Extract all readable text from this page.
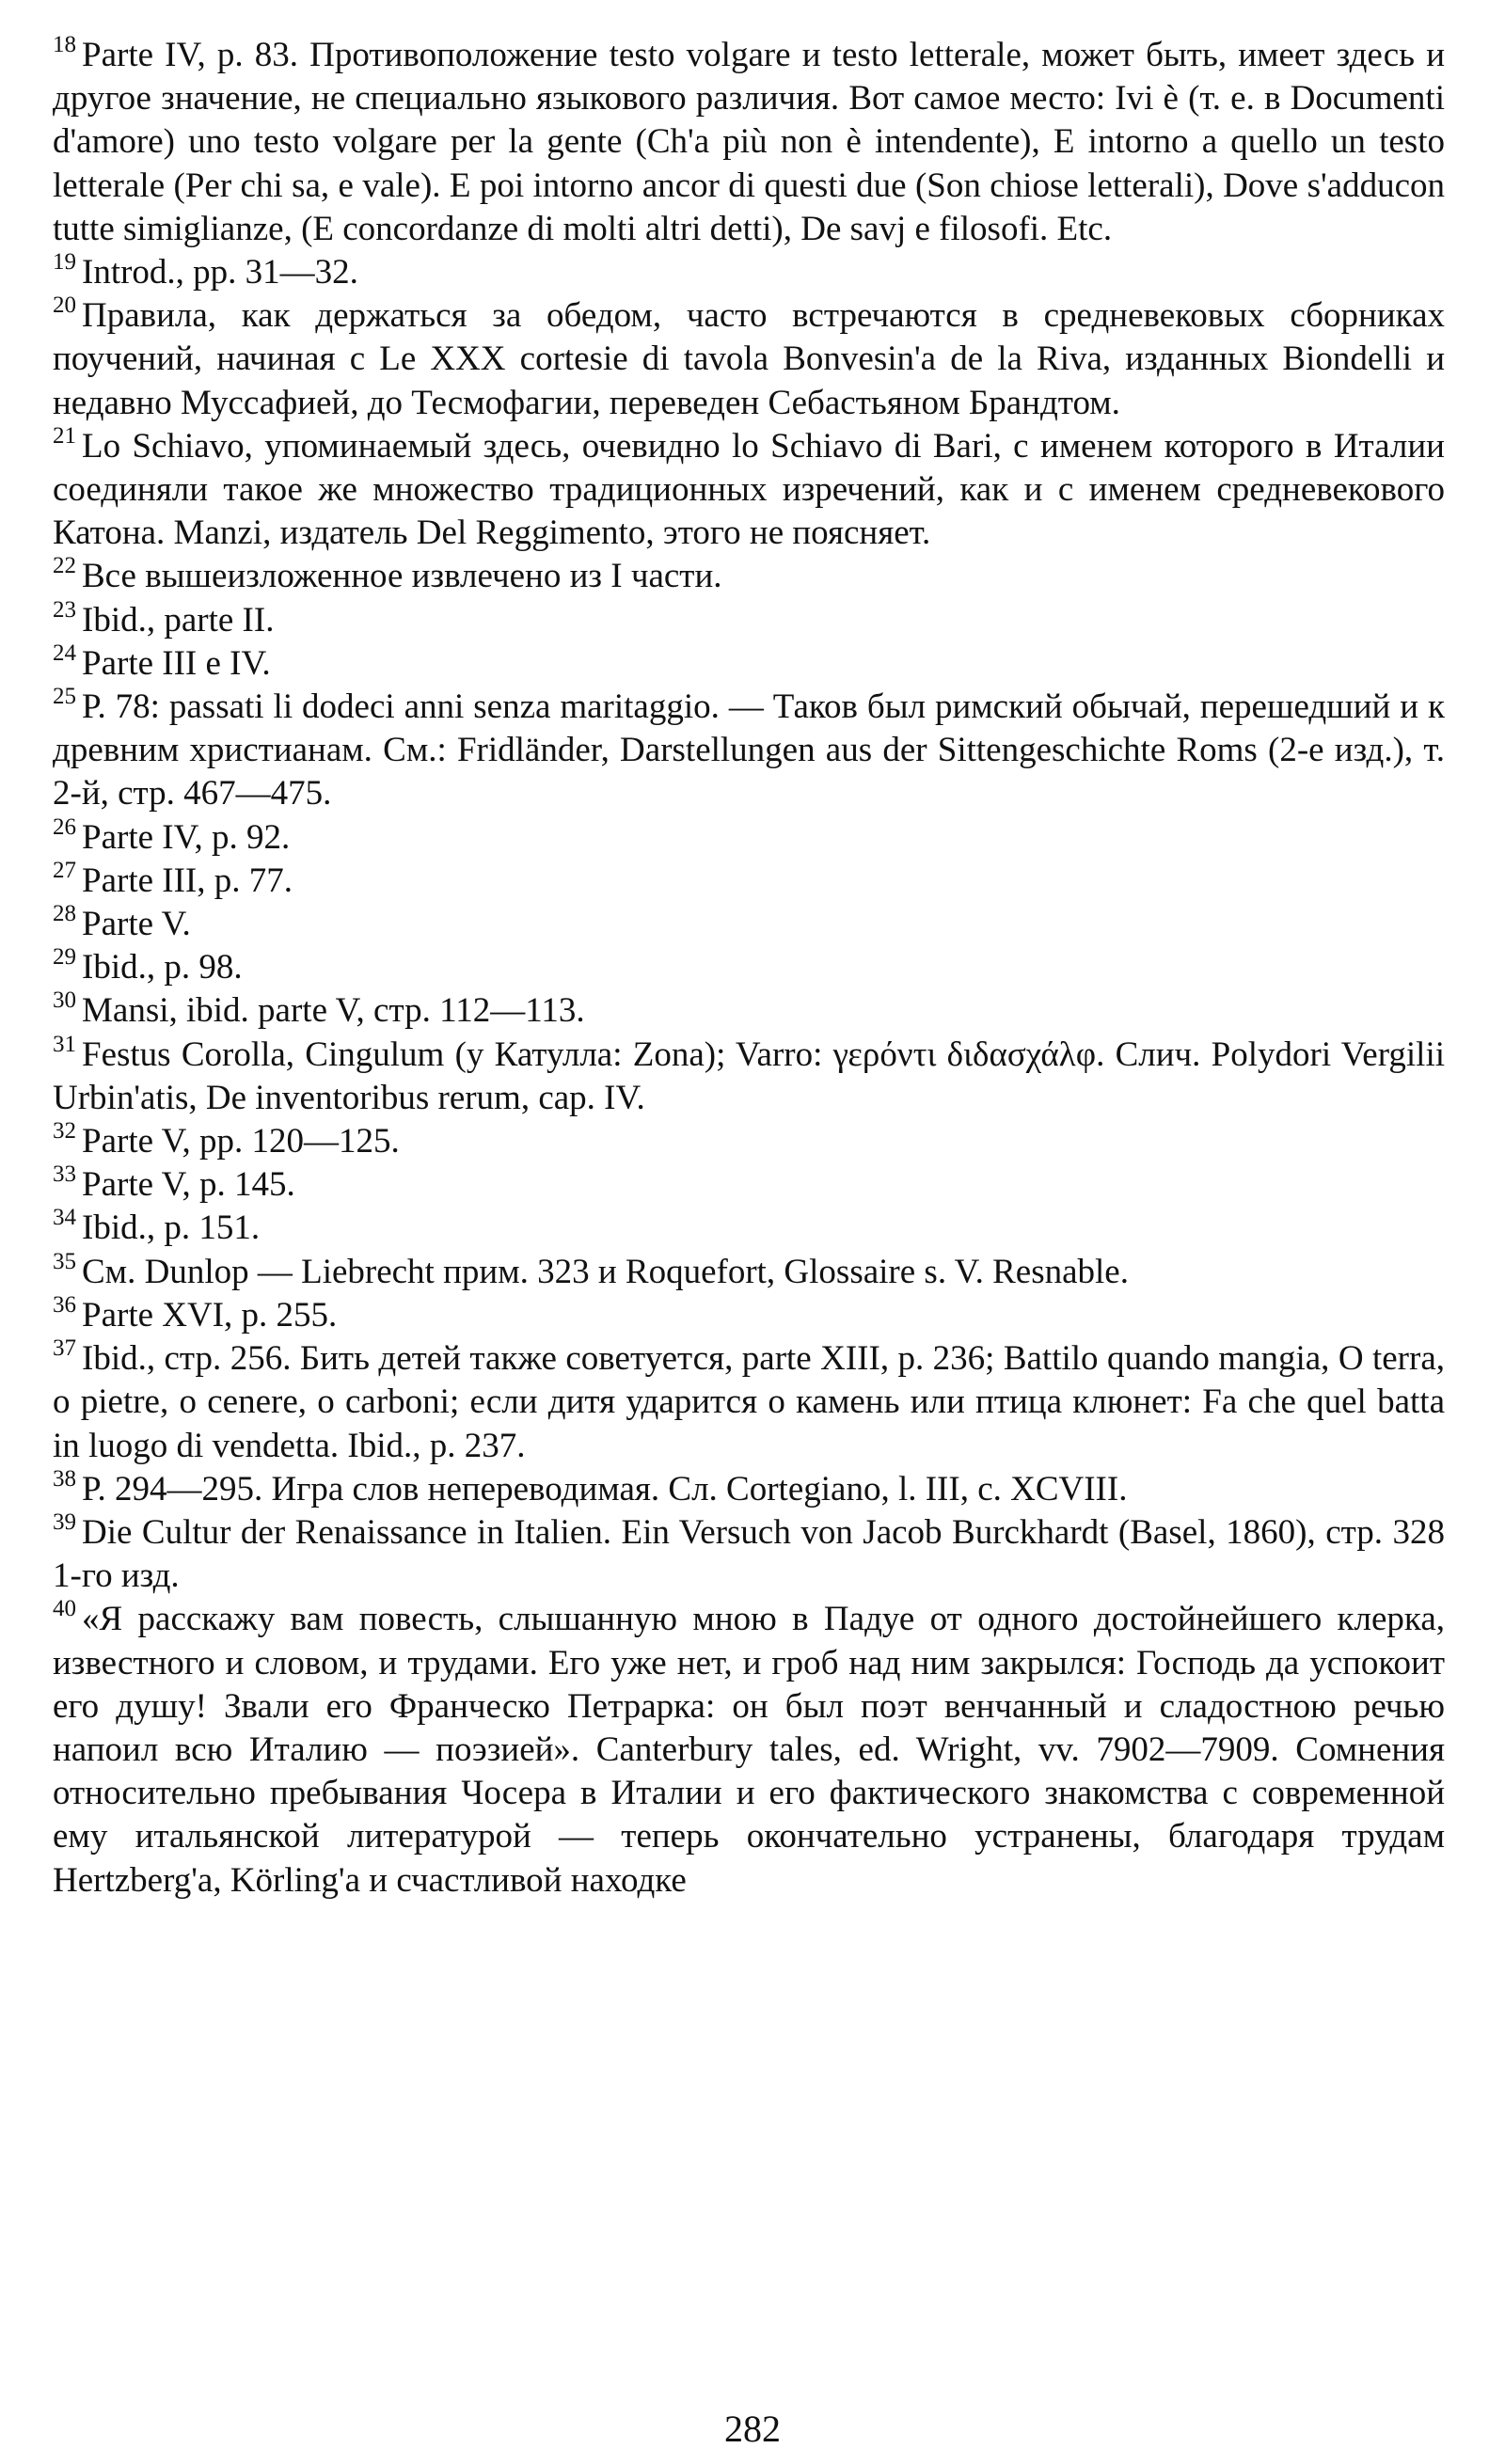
$^{18}$ Parte IV, p. 83. Противоположение testo volgare и testo letterale, может быть, имеет здесь и другое значение, не специально языкового различия. Вот самое место: Ivi è (т. е. в Documenti d'amore) uno testo volgare per la gente (Ch'a più non è intendente), E intorno a quello un testo letterale (Per chi sa, e vale). E poi intorno ancor di questi due (Son chiose letterali), Dove s'adducon tutte simiglianze, (E concordanze di molti altri detti), De savj e filosofi. Etc.

$^{19}$ Introd., pp. 31—32.

$^{20}$ Правила, как держаться за обедом, часто встречаются в средневековых сборниках поучений, начиная с Le XXX cortesie di tavola Bonvesin'a de la Riva, изданных Biondelli и недавно Муссафией, до Тесмофагии, переведен Себастьяном Брандтом.

$^{21}$ Lo Schiavo, упоминаемый здесь, очевидно lo Schiavo di Bari, с именем которого в Италии соединяли такое же множество традиционных изречений, как и с именем средневекового Катона. Manzi, издатель Del Reggimento, этого не поясняет.

$^{22}$ Все вышеизложенное извлечено из I части.

$^{23}$ Ibid., parte II.

$^{24}$ Parte III e IV.

$^{25}$ P. 78: passati li dodeci anni senza maritaggio. — Таков был римский обычай, перешедший и к древним христианам. См.: Fridländer, Darstellungen aus der Sittengeschichte Roms (2-е изд.), т. 2-й, стр. 467—475.

$^{26}$ Parte IV, p. 92.

$^{27}$ Parte III, p. 77.

$^{28}$ Parte V.

$^{29}$ Ibid., p. 98.

$^{30}$ Mansi, ibid. parte V, стр. 112—113.

$^{31}$ Festus Corolla, Cingulum (у Катулла: Zona); Varro: γερόντι διδασχάλφ. Слич. Polydori Vergilii Urbin'atis, De inventoribus rerum, cap. IV.

$^{32}$ Parte V, pp. 120—125.

$^{33}$ Parte V, p. 145.

$^{34}$ Ibid., p. 151.

$^{35}$ См. Dunlop — Liebrecht прим. 323 и Roquefort, Glossaire s. V. Resnable.

$^{36}$ Parte XVI, p. 255.

$^{37}$ Ibid., стр. 256. Бить детей также советуется, parte XIII, p. 236; Battilo quando mangia, O terra, o pietre, o cenere, o carboni; если дитя ударится о камень или птица клюнет: Fa che quel batta in luogo di vendetta. Ibid., p. 237.

$^{38}$ P. 294—295. Игра слов непереводимая. Сл. Cortegiano, l. III, c. XCVIII.

$^{39}$ Die Cultur der Renaissance in Italien. Ein Versuch von Jacob Burckhardt (Basel, 1860), стр. 328 1-го изд.

$^{40}$ «Я расскажу вам повесть, слышанную мною в Падуе от одного достойнейшего клерка, известного и словом, и трудами. Его уже нет, и гроб над ним закрылся: Господь да успокоит его душу! Звали его Франческо Петрарка: он был поэт венчанный и сладостною речью напоил всю Италию — поэзией». Canterbury tales, ed. Wright, vv. 7902—7909. Сомнения относительно пребывания Чосера в Италии и его фактического знакомства с современной ему итальянской литературой — теперь окончательно устранены, благодаря трудам Hertzberg'a, Körling'a и счастливой находке

282
